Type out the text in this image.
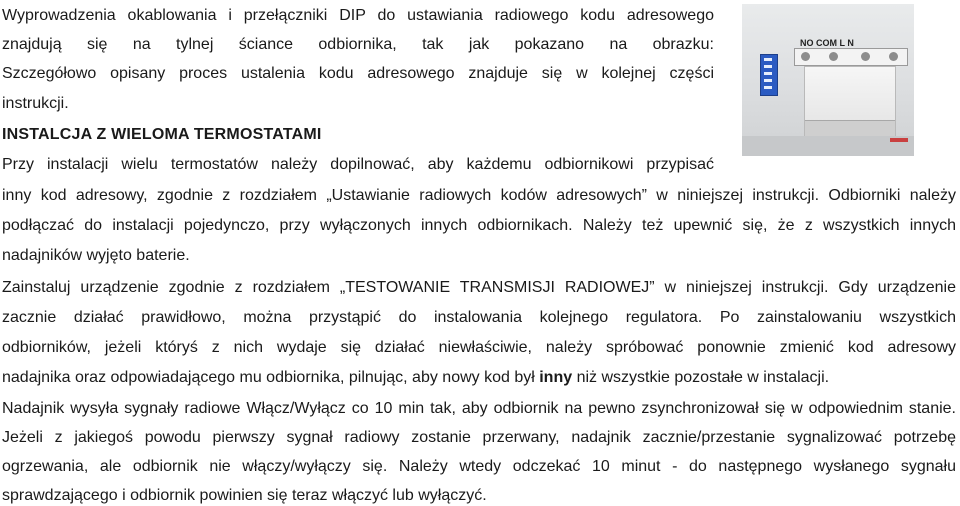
Wyprowadzenia okablowania i przełączniki DIP do ustawiania radiowego kodu adresowego
znajdują się na tylnej ściance odbiornika, tak jak pokazano na obrazku:
Szczegółowo opisany proces ustalenia kodu adresowego znajduje się w kolejnej części
instrukcji.
INSTALCJA Z WIELOMA TERMOSTATAMI
Przy instalacji wielu termostatów należy dopilnować, aby każdemu odbiornikowi przypisać
inny kod adresowy, zgodnie z rozdziałem „Ustawianie radiowych kodów adresowych” w niniejszej instrukcji. Odbiorniki należy
podłączać do instalacji pojedynczo, przy wyłączonych innych odbiornikach. Należy też upewnić się, że z wszystkich innych
nadajników wyjęto baterie.
Zainstaluj urządzenie zgodnie z rozdziałem „TESTOWANIE TRANSMISJI RADIOWEJ” w niniejszej instrukcji. Gdy urządzenie
zacznie działać prawidłowo, można przystąpić do instalowania kolejnego regulatora. Po zainstalowaniu wszystkich
odbiorników, jeżeli któryś z nich wydaje się działać niewłaściwie, należy spróbować ponownie zmienić kod adresowy
nadajnika oraz odpowiadającego mu odbiornika, pilnując, aby nowy kod był inny niż wszystkie pozostałe w instalacji.
Nadajnik wysyła sygnały radiowe Włącz/Wyłącz co 10 min tak, aby odbiornik na pewno zsynchronizował się w odpowiednim stanie.
Jeżeli z jakiegoś powodu pierwszy sygnał radiowy zostanie przerwany, nadajnik zacznie/przestanie sygnalizować potrzebę
ogrzewania, ale odbiornik nie włączy/wyłączy się. Należy wtedy odczekać 10 minut - do następnego wysłanego sygnału
sprawdzającego i odbiornik powinien się teraz włączyć lub wyłączyć.
NO COM L N
